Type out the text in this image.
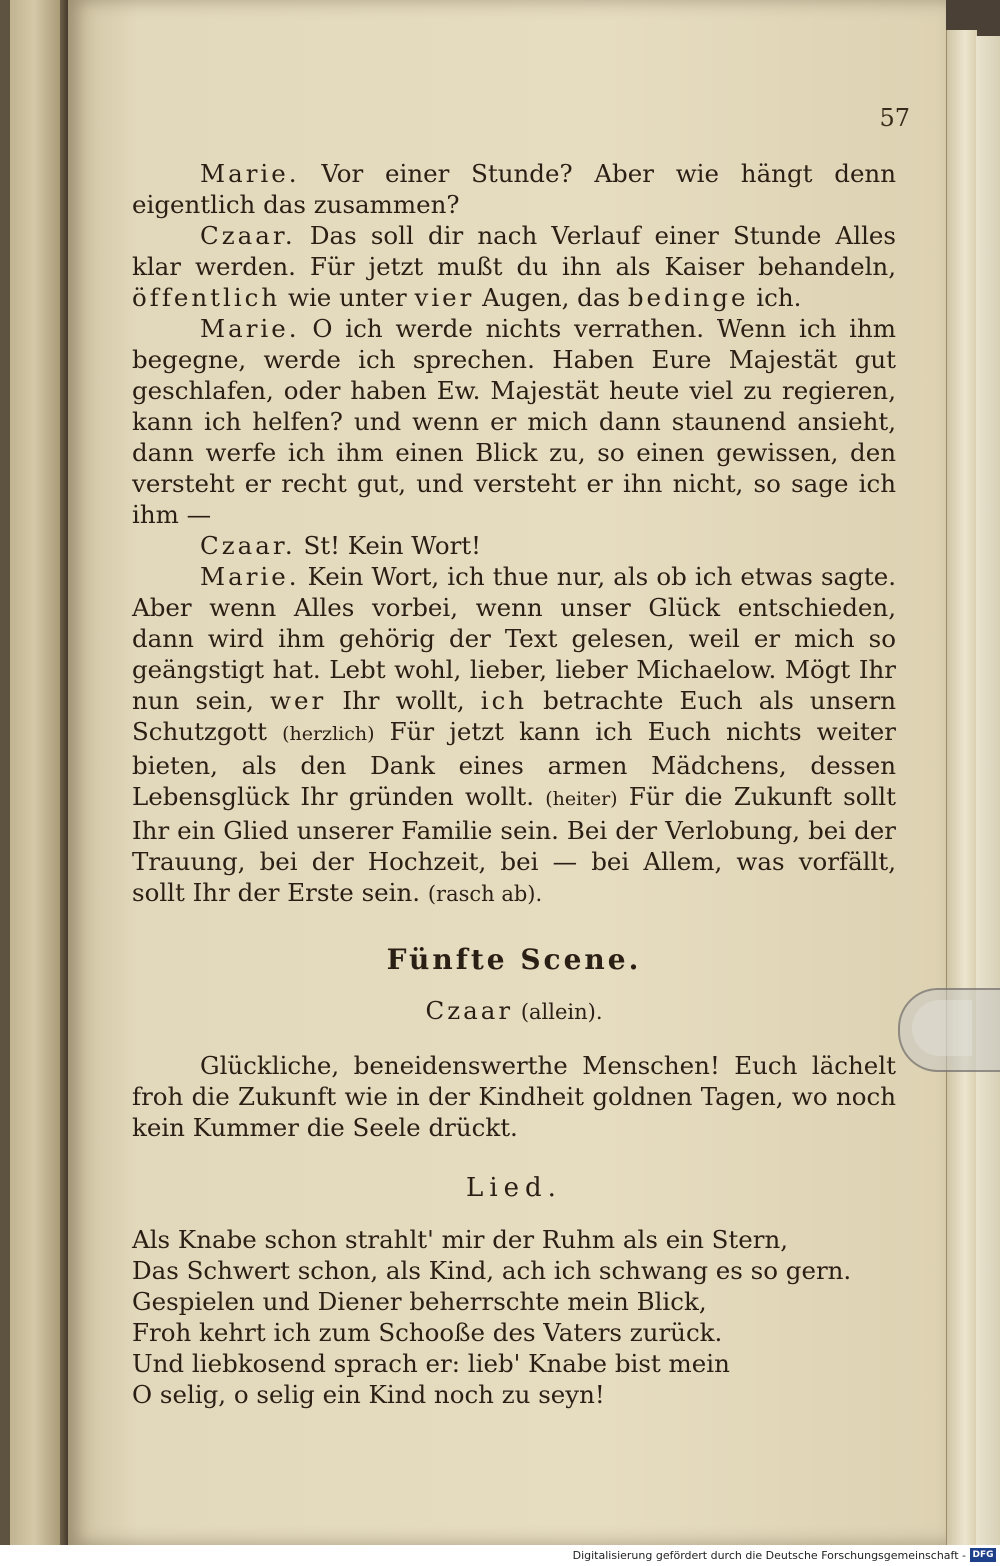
57
Marie. Vor einer Stunde? Aber wie hängt denn eigentlich das zusammen?
Czaar. Das soll dir nach Verlauf einer Stunde Alles klar werden. Für jetzt mußt du ihn als Kaiser behandeln, öffentlich wie unter vier Augen, das bedinge ich.
Marie. O ich werde nichts verrathen. Wenn ich ihm begegne, werde ich sprechen. Haben Eure Majestät gut geschlafen, oder haben Ew. Majestät heute viel zu regieren, kann ich helfen? und wenn er mich dann staunend ansieht, dann werfe ich ihm einen Blick zu, so einen gewissen, den versteht er recht gut, und versteht er ihn nicht, so sage ich ihm —
Czaar. St! Kein Wort!
Marie. Kein Wort, ich thue nur, als ob ich etwas sagte. Aber wenn Alles vorbei, wenn unser Glück entschieden, dann wird ihm gehörig der Text gelesen, weil er mich so geängstigt hat. Lebt wohl, lieber, lieber Michaelow. Mögt Ihr nun sein, wer Ihr wollt, ich betrachte Euch als unsern Schutzgott (herzlich) Für jetzt kann ich Euch nichts weiter bieten, als den Dank eines armen Mädchens, dessen Lebensglück Ihr gründen wollt. (heiter) Für die Zukunft sollt Ihr ein Glied unserer Familie sein. Bei der Verlobung, bei der Trauung, bei der Hochzeit, bei — bei Allem, was vorfällt, sollt Ihr der Erste sein. (rasch ab).
Fünfte Scene.
Czaar (allein).
Glückliche, beneidenswerthe Menschen! Euch lächelt froh die Zukunft wie in der Kindheit goldnen Tagen, wo noch kein Kummer die Seele drückt.
Lied.
Als Knabe schon strahlt' mir der Ruhm als ein Stern,
Das Schwert schon, als Kind, ach ich schwang es so gern.
Gespielen und Diener beherrschte mein Blick,
Froh kehrt ich zum Schooße des Vaters zurück.
Und liebkosend sprach er: lieb' Knabe bist mein
O selig, o selig ein Kind noch zu seyn!
Digitalisierung gefördert durch die Deutsche Forschungsgemeinschaft - DFG
